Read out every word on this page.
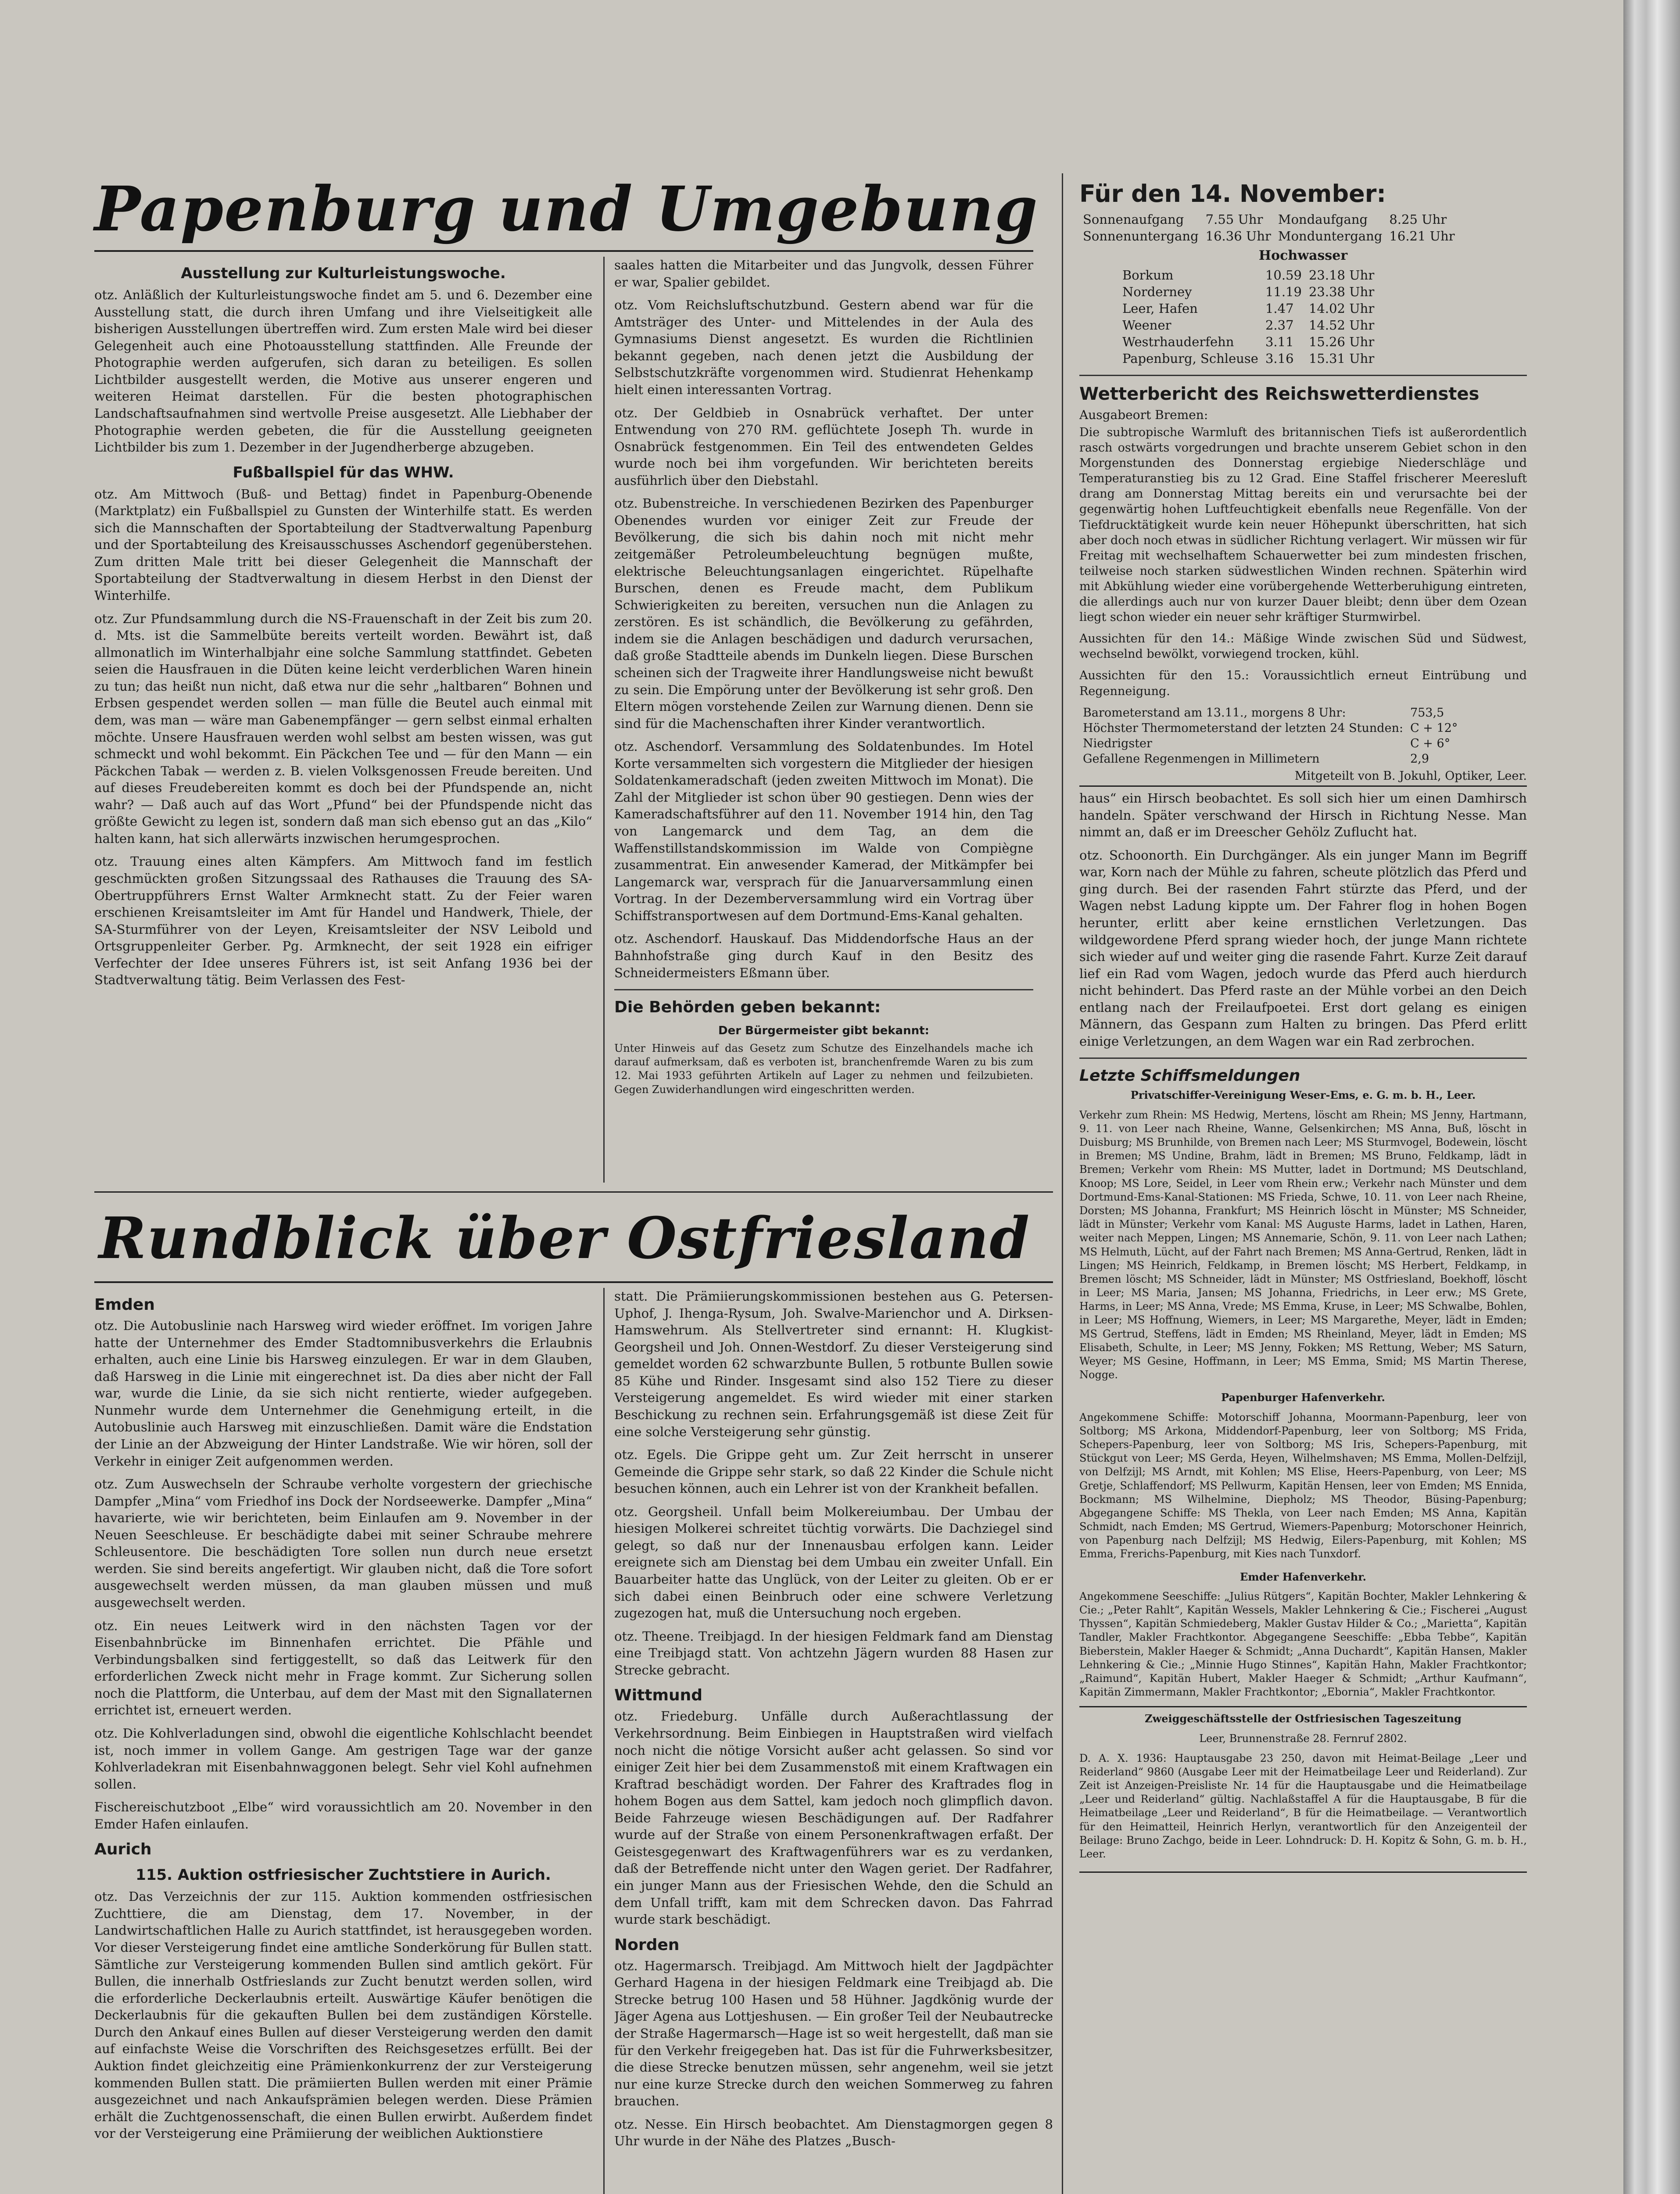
Papenburg und Umgebung
Ausstellung zur Kulturleistungswoche.

otz. Anläßlich der Kulturleistungswoche findet am 5. und 6. Dezember eine Ausstellung statt, die durch ihren Umfang und ihre Vielseitigkeit alle bisherigen Ausstellungen übertreffen wird. Zum ersten Male wird bei dieser Gelegenheit auch eine Photoausstellung stattfinden. Alle Freunde der Photographie werden aufgerufen, sich daran zu beteiligen. Es sollen Lichtbilder ausgestellt werden, die Motive aus unserer engeren und weiteren Heimat darstellen. Für die besten photographischen Landschaftsaufnahmen sind wertvolle Preise ausgesetzt. Alle Liebhaber der Photographie werden gebeten, die für die Ausstellung geeigneten Lichtbilder bis zum 1. Dezember in der Jugendherberge abzugeben.

Fußballspiel für das WHW.

otz. Am Mittwoch (Buß- und Bettag) findet in Papenburg-Obenende (Marktplatz) ein Fußballspiel zu Gunsten der Winterhilfe statt. Es werden sich die Mannschaften der Sportabteilung der Stadtverwaltung Papenburg und der Sportabteilung des Kreisausschusses Aschendorf gegenüberstehen. Zum dritten Male tritt bei dieser Gelegenheit die Mannschaft der Sportabteilung der Stadtverwaltung in diesem Herbst in den Dienst der Winterhilfe.

otz. Zur Pfundsammlung durch die NS-Frauenschaft in der Zeit bis zum 20. d. Mts. ist die Sammelbüte bereits verteilt worden. Bewährt ist, daß allmonatlich im Winterhalbjahr eine solche Sammlung stattfindet. Gebeten seien die Hausfrauen in die Düten keine leicht verderblichen Waren hinein zu tun; das heißt nun nicht, daß etwa nur die sehr „haltbaren“ Bohnen und Erbsen gespendet werden sollen — man fülle die Beutel auch einmal mit dem, was man — wäre man Gabenempfänger — gern selbst einmal erhalten möchte. Unsere Hausfrauen werden wohl selbst am besten wissen, was gut schmeckt und wohl bekommt. Ein Päckchen Tee und — für den Mann — ein Päckchen Tabak — werden z. B. vielen Volksgenossen Freude bereiten. Und auf dieses Freudebereiten kommt es doch bei der Pfundspende an, nicht wahr? — Daß auch auf das Wort „Pfund“ bei der Pfundspende nicht das größte Gewicht zu legen ist, sondern daß man sich ebenso gut an das „Kilo“ halten kann, hat sich allerwärts inzwischen herumgesprochen.

otz. Trauung eines alten Kämpfers. Am Mittwoch fand im festlich geschmückten großen Sitzungssaal des Rathauses die Trauung des SA-Obertruppführers Ernst Walter Armknecht statt. Zu der Feier waren erschienen Kreisamtsleiter im Amt für Handel und Handwerk, Thiele, der SA-Sturmführer von der Leyen, Kreisamtsleiter der NSV Leibold und Ortsgruppenleiter Gerber. Pg. Armknecht, der seit 1928 ein eifriger Verfechter der Idee unseres Führers ist, ist seit Anfang 1936 bei der Stadtverwaltung tätig. Beim Verlassen des Fest-

saales hatten die Mitarbeiter und das Jungvolk, dessen Führer er war, Spalier gebildet.

otz. Vom Reichsluftschutzbund. Gestern abend war für die Amtsträger des Unter- und Mittelendes in der Aula des Gymnasiums Dienst angesetzt. Es wurden die Richtlinien bekannt gegeben, nach denen jetzt die Ausbildung der Selbstschutzkräfte vorgenommen wird. Studienrat Hehenkamp hielt einen interessanten Vortrag.

otz. Der Geldbieb in Osnabrück verhaftet. Der unter Entwendung von 270 RM. geflüchtete Joseph Th. wurde in Osnabrück festgenommen. Ein Teil des entwendeten Geldes wurde noch bei ihm vorgefunden. Wir berichteten bereits ausführlich über den Diebstahl.

otz. Bubenstreiche. In verschiedenen Bezirken des Papenburger Obenendes wurden vor einiger Zeit zur Freude der Bevölkerung, die sich bis dahin noch mit nicht mehr zeitgemäßer Petroleumbeleuchtung begnügen mußte, elektrische Beleuchtungsanlagen eingerichtet. Rüpelhafte Burschen, denen es Freude macht, dem Publikum Schwierigkeiten zu bereiten, versuchen nun die Anlagen zu zerstören. Es ist schändlich, die Bevölkerung zu gefährden, indem sie die Anlagen beschädigen und dadurch verursachen, daß große Stadtteile abends im Dunkeln liegen. Diese Burschen scheinen sich der Tragweite ihrer Handlungsweise nicht bewußt zu sein. Die Empörung unter der Bevölkerung ist sehr groß. Den Eltern mögen vorstehende Zeilen zur Warnung dienen. Denn sie sind für die Machenschaften ihrer Kinder verantwortlich.

otz. Aschendorf. Versammlung des Soldatenbundes. Im Hotel Korte versammelten sich vorgestern die Mitglieder der hiesigen Soldatenkameradschaft (jeden zweiten Mittwoch im Monat). Die Zahl der Mitglieder ist schon über 90 gestiegen. Denn wies der Kameradschaftsführer auf den 11. November 1914 hin, den Tag von Langemarck und dem Tag, an dem die Waffenstillstandskommission im Walde von Compiègne zusammentrat. Ein anwesender Kamerad, der Mitkämpfer bei Langemarck war, versprach für die Januarversammlung einen Vortrag. In der Dezemberversammlung wird ein Vortrag über Schiffstransportwesen auf dem Dortmund-Ems-Kanal gehalten.

otz. Aschendorf. Hauskauf. Das Middendorfsche Haus an der Bahnhofstraße ging durch Kauf in den Besitz des Schneidermeisters Eßmann über.

Die Behörden geben bekannt:
Der Bürgermeister gibt bekannt:

Unter Hinweis auf das Gesetz zum Schutze des Einzelhandels mache ich darauf aufmerksam, daß es verboten ist, branchenfremde Waren zu bis zum 12. Mai 1933 geführten Artikeln auf Lager zu nehmen und feilzubieten. Gegen Zuwiderhandlungen wird eingeschritten werden.

Für den 14. November:
Sonnenaufgang	7.55 Uhr	Mondaufgang	8.25 Uhr
Sonnenuntergang	16.36 Uhr	Monduntergang	16.21 Uhr
Hochwasser
Borkum	10.59	23.18 Uhr
Norderney	11.19	23.38 Uhr
Leer, Hafen	1.47	14.02 Uhr
Weener	2.37	14.52 Uhr
Westrhauderfehn	3.11	15.26 Uhr
Papenburg, Schleuse	3.16	15.31 Uhr
Wetterbericht des Reichswetterdienstes
Ausgabeort Bremen:

Die subtropische Warmluft des britannischen Tiefs ist außerordentlich rasch ostwärts vorgedrungen und brachte unserem Gebiet schon in den Morgenstunden des Donnerstag ergiebige Niederschläge und Temperaturanstieg bis zu 12 Grad. Eine Staffel frischerer Meeresluft drang am Donnerstag Mittag bereits ein und verursachte bei der gegenwärtig hohen Luftfeuchtigkeit ebenfalls neue Regenfälle. Von der Tiefdrucktätigkeit wurde kein neuer Höhepunkt überschritten, hat sich aber doch noch etwas in südlicher Richtung verlagert. Wir müssen wir für Freitag mit wechselhaftem Schauerwetter bei zum mindesten frischen, teilweise noch starken südwestlichen Winden rechnen. Späterhin wird mit Abkühlung wieder eine vorübergehende Wetterberuhigung eintreten, die allerdings auch nur von kurzer Dauer bleibt; denn über dem Ozean liegt schon wieder ein neuer sehr kräftiger Sturmwirbel.

Aussichten für den 14.: Mäßige Winde zwischen Süd und Südwest, wechselnd bewölkt, vorwiegend trocken, kühl.

Aussichten für den 15.: Voraussichtlich erneut Eintrübung und Regenneigung.

Barometerstand am 13.11., morgens 8 Uhr:	753,5
Höchster Thermometerstand der letzten 24 Stunden:	C + 12°
Niedrigster	C + 6°
Gefallene Regenmengen in Millimetern	2,9
Mitgeteilt von B. Jokuhl, Optiker, Leer.

haus“ ein Hirsch beobachtet. Es soll sich hier um einen Damhirsch handeln. Später verschwand der Hirsch in Richtung Nesse. Man nimmt an, daß er im Dreescher Gehölz Zuflucht hat.

otz. Schoonorth. Ein Durchgänger. Als ein junger Mann im Begriff war, Korn nach der Mühle zu fahren, scheute plötzlich das Pferd und ging durch. Bei der rasenden Fahrt stürzte das Pferd, und der Wagen nebst Ladung kippte um. Der Fahrer flog in hohen Bogen herunter, erlitt aber keine ernstlichen Verletzungen. Das wildgewordene Pferd sprang wieder hoch, der junge Mann richtete sich wieder auf und weiter ging die rasende Fahrt. Kurze Zeit darauf lief ein Rad vom Wagen, jedoch wurde das Pferd auch hierdurch nicht behindert. Das Pferd raste an der Mühle vorbei an den Deich entlang nach der Freilaufpoetei. Erst dort gelang es einigen Männern, das Gespann zum Halten zu bringen. Das Pferd erlitt einige Verletzungen, an dem Wagen war ein Rad zerbrochen.

Letzte Schiffsmeldungen

Privatschiffer-Vereinigung Weser-Ems, e. G. m. b. H., Leer.

Verkehr zum Rhein: MS Hedwig, Mertens, löscht am Rhein; MS Jenny, Hartmann, 9. 11. von Leer nach Rheine, Wanne, Gelsenkirchen; MS Anna, Buß, löscht in Duisburg; MS Brunhilde, von Bremen nach Leer; MS Sturmvogel, Bodewein, löscht in Bremen; MS Undine, Brahm, lädt in Bremen; MS Bruno, Feldkamp, lädt in Bremen; Verkehr vom Rhein: MS Mutter, ladet in Dortmund; MS Deutschland, Knoop; MS Lore, Seidel, in Leer vom Rhein erw.; Verkehr nach Münster und dem Dortmund-Ems-Kanal-Stationen: MS Frieda, Schwe, 10. 11. von Leer nach Rheine, Dorsten; MS Johanna, Frankfurt; MS Heinrich löscht in Münster; MS Schneider, lädt in Münster; Verkehr vom Kanal: MS Auguste Harms, ladet in Lathen, Haren, weiter nach Meppen, Lingen; MS Annemarie, Schön, 9. 11. von Leer nach Lathen; MS Helmuth, Lücht, auf der Fahrt nach Bremen; MS Anna-Gertrud, Renken, lädt in Lingen; MS Heinrich, Feldkamp, in Bremen löscht; MS Herbert, Feldkamp, in Bremen löscht; MS Schneider, lädt in Münster; MS Ostfriesland, Boekhoff, löscht in Leer; MS Maria, Jansen; MS Johanna, Friedrichs, in Leer erw.; MS Grete, Harms, in Leer; MS Anna, Vrede; MS Emma, Kruse, in Leer; MS Schwalbe, Bohlen, in Leer; MS Hoffnung, Wiemers, in Leer; MS Margarethe, Meyer, lädt in Emden; MS Gertrud, Steffens, lädt in Emden; MS Rheinland, Meyer, lädt in Emden; MS Elisabeth, Schulte, in Leer; MS Jenny, Fokken; MS Rettung, Weber; MS Saturn, Weyer; MS Gesine, Hoffmann, in Leer; MS Emma, Smid; MS Martin Therese, Nogge.

Papenburger Hafenverkehr.

Angekommene Schiffe: Motorschiff Johanna, Moormann-Papenburg, leer von Soltborg; MS Arkona, Middendorf-Papenburg, leer von Soltborg; MS Frida, Schepers-Papenburg, leer von Soltborg; MS Iris, Schepers-Papenburg, mit Stückgut von Leer; MS Gerda, Heyen, Wilhelmshaven; MS Emma, Mollen-Delfzijl, von Delfzijl; MS Arndt, mit Kohlen; MS Elise, Heers-Papenburg, von Leer; MS Gretje, Schlaffendorf; MS Pellwurm, Kapitän Hensen, leer von Emden; MS Ennida, Bockmann; MS Wilhelmine, Diepholz; MS Theodor, Büsing-Papenburg; Abgegangene Schiffe: MS Thekla, von Leer nach Emden; MS Anna, Kapitän Schmidt, nach Emden; MS Gertrud, Wiemers-Papenburg; Motorschoner Heinrich, von Papenburg nach Delfzijl; MS Hedwig, Eilers-Papenburg, mit Kohlen; MS Emma, Frerichs-Papenburg, mit Kies nach Tunxdorf.

Emder Hafenverkehr.

Angekommene Seeschiffe: „Julius Rütgers“, Kapitän Bochter, Makler Lehnkering & Cie.; „Peter Rahlt“, Kapitän Wessels, Makler Lehnkering & Cie.; Fischerei „August Thyssen“, Kapitän Schmiedeberg, Makler Gustav Hilder & Co.; „Marietta“, Kapitän Tandler, Makler Frachtkontor. Abgegangene Seeschiffe: „Ebba Tebbe“, Kapitän Bieberstein, Makler Haeger & Schmidt; „Anna Duchardt“, Kapitän Hansen, Makler Lehnkering & Cie.; „Minnie Hugo Stinnes“, Kapitän Hahn, Makler Frachtkontor; „Raimund“, Kapitän Hubert, Makler Haeger & Schmidt; „Arthur Kaufmann“, Kapitän Zimmermann, Makler Frachtkontor; „Ebornia“, Makler Frachtkontor.

Zweiggeschäftsstelle der Ostfriesischen Tageszeitung

Leer, Brunnenstraße 28. Fernruf 2802.

D. A. X. 1936: Hauptausgabe 23 250, davon mit Heimat-Beilage „Leer und Reiderland“ 9860 (Ausgabe Leer mit der Heimatbeilage Leer und Reiderland). Zur Zeit ist Anzeigen-Preisliste Nr. 14 für die Hauptausgabe und die Heimatbeilage „Leer und Reiderland“ gültig. Nachlaßstaffel A für die Hauptausgabe, B für die Heimatbeilage „Leer und Reiderland“, B für die Heimatbeilage. — Verantwortlich für den Heimatteil, Heinrich Herlyn, verantwortlich für den Anzeigenteil der Beilage: Bruno Zachgo, beide in Leer. Lohndruck: D. H. Kopitz & Sohn, G. m. b. H., Leer.

Rundblick über Ostfriesland
Emden

otz. Die Autobuslinie nach Harsweg wird wieder eröffnet. Im vorigen Jahre hatte der Unternehmer des Emder Stadtomnibusverkehrs die Erlaubnis erhalten, auch eine Linie bis Harsweg einzulegen. Er war in dem Glauben, daß Harsweg in die Linie mit eingerechnet ist. Da dies aber nicht der Fall war, wurde die Linie, da sie sich nicht rentierte, wieder aufgegeben. Nunmehr wurde dem Unternehmer die Genehmigung erteilt, in die Autobuslinie auch Harsweg mit einzuschließen. Damit wäre die Endstation der Linie an der Abzweigung der Hinter Landstraße. Wie wir hören, soll der Verkehr in einiger Zeit aufgenommen werden.

otz. Zum Auswechseln der Schraube verholte vorgestern der griechische Dampfer „Mina“ vom Friedhof ins Dock der Nordseewerke. Dampfer „Mina“ havarierte, wie wir berichteten, beim Einlaufen am 9. November in der Neuen Seeschleuse. Er beschädigte dabei mit seiner Schraube mehrere Schleusentore. Die beschädigten Tore sollen nun durch neue ersetzt werden. Sie sind bereits angefertigt. Wir glauben nicht, daß die Tore sofort ausgewechselt werden müssen, da man glauben müssen und muß ausgewechselt werden.

otz. Ein neues Leitwerk wird in den nächsten Tagen vor der Eisenbahnbrücke im Binnenhafen errichtet. Die Pfähle und Verbindungsbalken sind fertiggestellt, so daß das Leitwerk für den erforderlichen Zweck nicht mehr in Frage kommt. Zur Sicherung sollen noch die Plattform, die Unterbau, auf dem der Mast mit den Signallaternen errichtet ist, erneuert werden.

otz. Die Kohlverladungen sind, obwohl die eigentliche Kohlschlacht beendet ist, noch immer in vollem Gange. Am gestrigen Tage war der ganze Kohlverladekran mit Eisenbahnwaggonen belegt. Sehr viel Kohl aufnehmen sollen.

Fischereischutzboot „Elbe“ wird voraussichtlich am 20. November in den Emder Hafen einlaufen.

Aurich
115. Auktion ostfriesischer Zuchtstiere in Aurich.

otz. Das Verzeichnis der zur 115. Auktion kommenden ostfriesischen Zuchttiere, die am Dienstag, dem 17. November, in der Landwirtschaftlichen Halle zu Aurich stattfindet, ist herausgegeben worden. Vor dieser Versteigerung findet eine amtliche Sonderkörung für Bullen statt. Sämtliche zur Versteigerung kommenden Bullen sind amtlich gekört. Für Bullen, die innerhalb Ostfrieslands zur Zucht benutzt werden sollen, wird die erforderliche Deckerlaubnis erteilt. Auswärtige Käufer benötigen die Deckerlaubnis für die gekauften Bullen bei dem zuständigen Körstelle. Durch den Ankauf eines Bullen auf dieser Versteigerung werden den damit auf einfachste Weise die Vorschriften des Reichsgesetzes erfüllt. Bei der Auktion findet gleichzeitig eine Prämienkonkurrenz der zur Versteigerung kommenden Bullen statt. Die prämiierten Bullen werden mit einer Prämie ausgezeichnet und nach Ankaufsprämien belegen werden. Diese Prämien erhält die Zuchtgenossenschaft, die einen Bullen erwirbt. Außerdem findet vor der Versteigerung eine Prämiierung der weiblichen Auktionstiere

statt. Die Prämiierungskommissionen bestehen aus G. Petersen-Uphof, J. Ihenga-Rysum, Joh. Swalve-Marienchor und A. Dirksen-Hamswehrum. Als Stellvertreter sind ernannt: H. Klugkist-Georgsheil und Joh. Onnen-Westdorf. Zu dieser Versteigerung sind gemeldet worden 62 schwarzbunte Bullen, 5 rotbunte Bullen sowie 85 Kühe und Rinder. Insgesamt sind also 152 Tiere zu dieser Versteigerung angemeldet. Es wird wieder mit einer starken Beschickung zu rechnen sein. Erfahrungsgemäß ist diese Zeit für eine solche Versteigerung sehr günstig.

otz. Egels. Die Grippe geht um. Zur Zeit herrscht in unserer Gemeinde die Grippe sehr stark, so daß 22 Kinder die Schule nicht besuchen können, auch ein Lehrer ist von der Krankheit befallen.

otz. Georgsheil. Unfall beim Molkereiumbau. Der Umbau der hiesigen Molkerei schreitet tüchtig vorwärts. Die Dachziegel sind gelegt, so daß nur der Innenausbau erfolgen kann. Leider ereignete sich am Dienstag bei dem Umbau ein zweiter Unfall. Ein Bauarbeiter hatte das Unglück, von der Leiter zu gleiten. Ob er er sich dabei einen Beinbruch oder eine schwere Verletzung zugezogen hat, muß die Untersuchung noch ergeben.

otz. Theene. Treibjagd. In der hiesigen Feldmark fand am Dienstag eine Treibjagd statt. Von achtzehn Jägern wurden 88 Hasen zur Strecke gebracht.

Wittmund

otz. Friedeburg. Unfälle durch Außerachtlassung der Verkehrsordnung. Beim Einbiegen in Hauptstraßen wird vielfach noch nicht die nötige Vorsicht außer acht gelassen. So sind vor einiger Zeit hier bei dem Zusammenstoß mit einem Kraftwagen ein Kraftrad beschädigt worden. Der Fahrer des Kraftrades flog in hohem Bogen aus dem Sattel, kam jedoch noch glimpflich davon. Beide Fahrzeuge wiesen Beschädigungen auf. Der Radfahrer wurde auf der Straße von einem Personenkraftwagen erfaßt. Der Geistesgegenwart des Kraftwagenführers war es zu verdanken, daß der Betreffende nicht unter den Wagen geriet. Der Radfahrer, ein junger Mann aus der Friesischen Wehde, den die Schuld an dem Unfall trifft, kam mit dem Schrecken davon. Das Fahrrad wurde stark beschädigt.

Norden

otz. Hagermarsch. Treibjagd. Am Mittwoch hielt der Jagdpächter Gerhard Hagena in der hiesigen Feldmark eine Treibjagd ab. Die Strecke betrug 100 Hasen und 58 Hühner. Jagdkönig wurde der Jäger Agena aus Lottjeshusen. — Ein großer Teil der Neubautrecke der Straße Hagermarsch—Hage ist so weit hergestellt, daß man sie für den Verkehr freigegeben hat. Das ist für die Fuhrwerksbesitzer, die diese Strecke benutzen müssen, sehr angenehm, weil sie jetzt nur eine kurze Strecke durch den weichen Sommerweg zu fahren brauchen.

otz. Nesse. Ein Hirsch beobachtet. Am Dienstagmorgen gegen 8 Uhr wurde in der Nähe des Platzes „Busch-
